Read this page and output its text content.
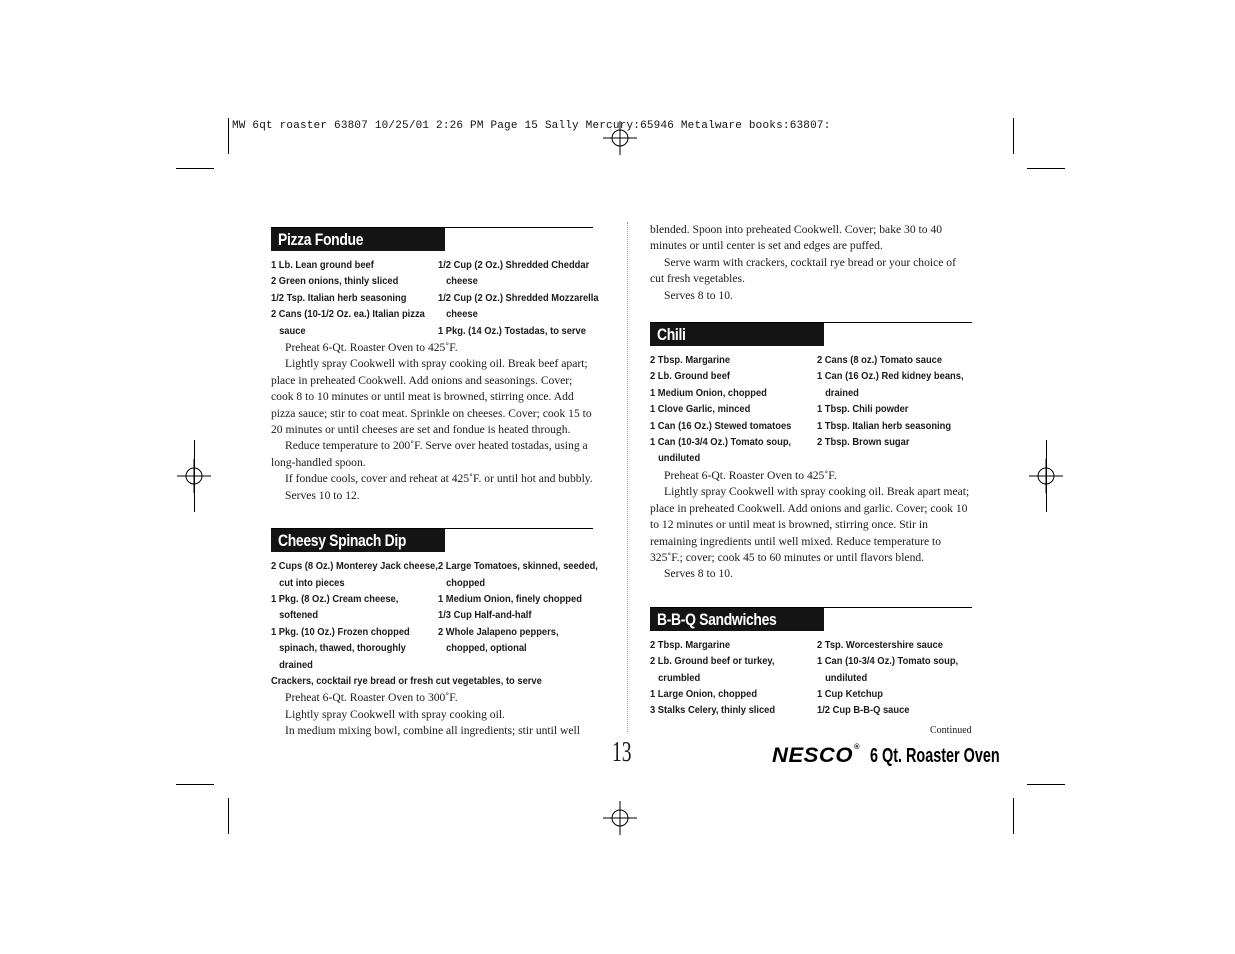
MW 6qt roaster 63807 10/25/01 2:26 PM Page 15 Sally Mercury:65946 Metalware books:63807:
Pizza Fondue
1 Lb. Lean ground beef
2 Green onions, thinly sliced
1/2 Tsp. Italian herb seasoning
2 Cans (10-1/2 Oz. ea.) Italian pizza sauce
1/2 Cup (2 Oz.) Shredded Cheddar cheese
1/2 Cup (2 Oz.) Shredded Mozzarella cheese
1 Pkg. (14 Oz.) Tostadas, to serve

Preheat 6-Qt. Roaster Oven to 425˚F.

Lightly spray Cookwell with spray cooking oil. Break beef apart; place in preheated Cookwell. Add onions and seasonings. Cover; cook 8 to 10 minutes or until meat is browned, stirring once. Add pizza sauce; stir to coat meat. Sprinkle on cheeses. Cover; cook 15 to 20 minutes or until cheeses are set and fondue is heated through.

Reduce temperature to 200˚F. Serve over heated tostadas, using a long-handled spoon.

If fondue cools, cover and reheat at 425˚F. or until hot and bubbly.

Serves 10 to 12.

Cheesy Spinach Dip
2 Cups (8 Oz.) Monterey Jack cheese, cut into pieces
1 Pkg. (8 Oz.) Cream cheese, softened
1 Pkg. (10 Oz.) Frozen chopped spinach, thawed, thoroughly drained
2 Large Tomatoes, skinned, seeded, chopped
1 Medium Onion, finely chopped
1/3 Cup Half-and-half
2 Whole Jalapeno peppers, chopped, optional
Crackers, cocktail rye bread or fresh cut vegetables, to serve

Preheat 6-Qt. Roaster Oven to 300˚F.

Lightly spray Cookwell with spray cooking oil.

In medium mixing bowl, combine all ingredients; stir until well

blended. Spoon into preheated Cookwell. Cover; bake 30 to 40 minutes or until center is set and edges are puffed.

Serve warm with crackers, cocktail rye bread or your choice of cut fresh vegetables.

Serves 8 to 10.

Chili
2 Tbsp. Margarine
2 Lb. Ground beef
1 Medium Onion, chopped
1 Clove Garlic, minced
1 Can (16 Oz.) Stewed tomatoes
1 Can (10-3/4 Oz.) Tomato soup, undiluted
2 Cans (8 oz.) Tomato sauce
1 Can (16 Oz.) Red kidney beans, drained
1 Tbsp. Chili powder
1 Tbsp. Italian herb seasoning
2 Tbsp. Brown sugar

Preheat 6-Qt. Roaster Oven to 425˚F.

Lightly spray Cookwell with spray cooking oil. Break apart meat; place in preheated Cookwell. Add onions and garlic. Cover; cook 10 to 12 minutes or until meat is browned, stirring once. Stir in remaining ingredients until well mixed. Reduce temperature to 325˚F.; cover; cook 45 to 60 minutes or until flavors blend.

Serves 8 to 10.

B-B-Q Sandwiches
2 Tbsp. Margarine
2 Lb. Ground beef or turkey, crumbled
1 Large Onion, chopped
3 Stalks Celery, thinly sliced
2 Tsp. Worcestershire sauce
1 Can (10-3/4 Oz.) Tomato soup, undiluted
1 Cup Ketchup
1/2 Cup B-B-Q sauce
Continued
13	NESCO® 6 Qt. Roaster Oven
